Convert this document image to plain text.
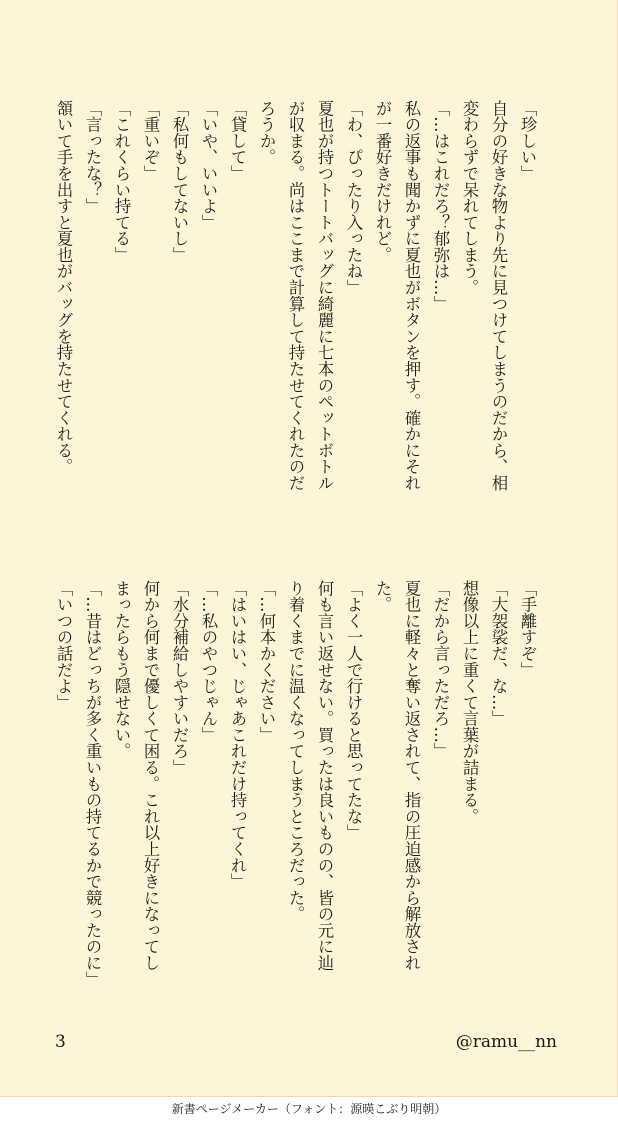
「珍しい」
自分の好きな物より先に見つけてしまうのだから、相
変わらずで呆れてしまう。
「…はこれだろ？郁弥は…」
私の返事も聞かずに夏也がボタンを押す。確かにそれ
が一番好きだけれど。
「わ、ぴったり入ったね」
夏也が持つトートバッグに綺麗に七本のペットボトル
が収まる。尚はここまで計算して持たせてくれたのだ
ろうか。
「貸して」
「いや、いいよ」
「私何もしてないし」
「重いぞ」
「これくらい持てる」
「言ったな？」
頷いて手を出すと夏也がバッグを持たせてくれる。
「手離すぞ」
「大袈裟だ、な…」
想像以上に重くて言葉が詰まる。
「だから言っただろ…」
夏也に軽々と奪い返されて、指の圧迫感から解放され
た。
「よく一人で行けると思ってたな」
何も言い返せない。買ったは良いものの、皆の元に辿
り着くまでに温くなってしまうところだった。
「…何本かください」
「はいはい、じゃあこれだけ持ってくれ」
「…私のやつじゃん」
「水分補給しやすいだろ」
何から何まで優しくて困る。これ以上好きになってし
まったらもう隠せない。
「…昔はどっちが多く重いもの持てるかで競ったのに」
「いつの話だよ」
3	@ramu__nn
新書ページメーカー（フォント：源暎こぶり明朝）
